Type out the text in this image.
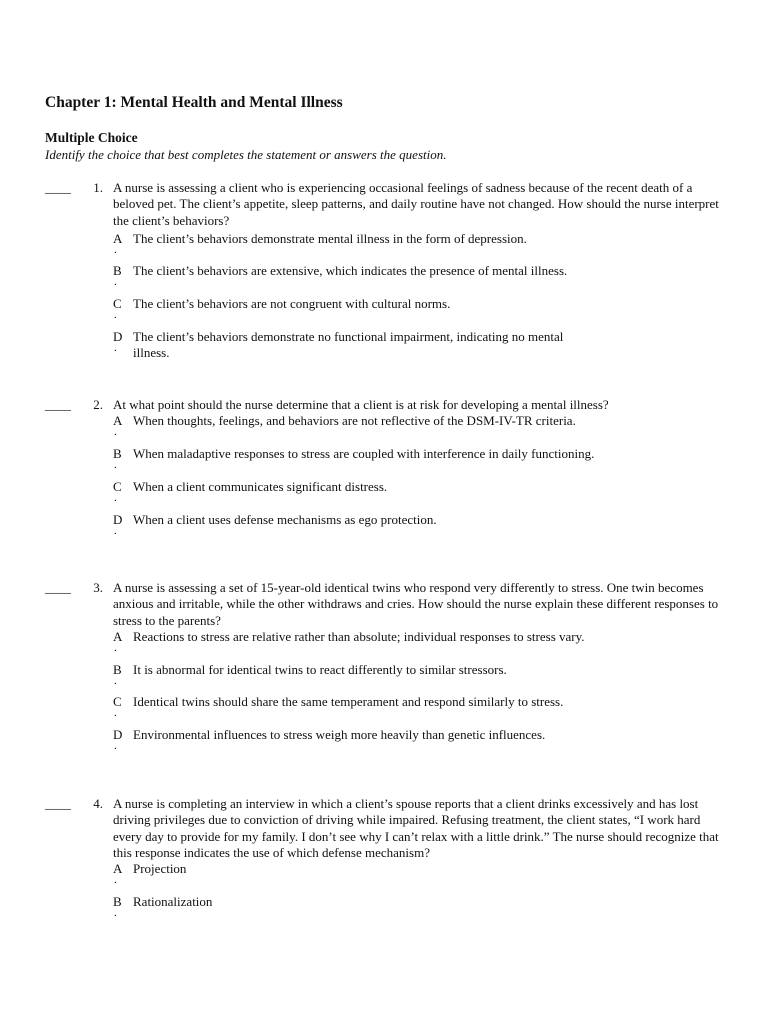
Chapter 1: Mental Health and Mental Illness
Multiple Choice
Identify the choice that best completes the statement or answers the question.
____	1. A nurse is assessing a client who is experiencing occasional feelings of sadness because of the recent death of a beloved pet. The client’s appetite, sleep patterns, and daily routine have not changed. How should the nurse interpret the client’s behaviors?
A
.
The client’s behaviors demonstrate mental illness in the form of depression.
B
.
The client’s behaviors are extensive, which indicates the presence of mental illness.
C
.
The client’s behaviors are not congruent with cultural norms.
D
.
The client’s behaviors demonstrate no functional impairment, indicating no mental illness.
____	2. At what point should the nurse determine that a client is at risk for developing a mental illness?
A
.
When thoughts, feelings, and behaviors are not reflective of the DSM-IV-TR criteria.
B
.
When maladaptive responses to stress are coupled with interference in daily functioning.
C
.
When a client communicates significant distress.
D
.
When a client uses defense mechanisms as ego protection.
____	3. A nurse is assessing a set of 15-year-old identical twins who respond very differently to stress. One twin becomes anxious and irritable, while the other withdraws and cries. How should the nurse explain these different responses to stress to the parents?
A
.
Reactions to stress are relative rather than absolute; individual responses to stress vary.
B
.
It is abnormal for identical twins to react differently to similar stressors.
C
.
Identical twins should share the same temperament and respond similarly to stress.
D
.
Environmental influences to stress weigh more heavily than genetic influences.
____	4. A nurse is completing an interview in which a client’s spouse reports that a client drinks excessively and has lost driving privileges due to conviction of driving while impaired. Refusing treatment, the client states, “I work hard every day to provide for my family. I don’t see why I can’t relax with a little drink.” The nurse should recognize that this response indicates the use of which defense mechanism?
A
.
Projection
B
.
Rationalization
